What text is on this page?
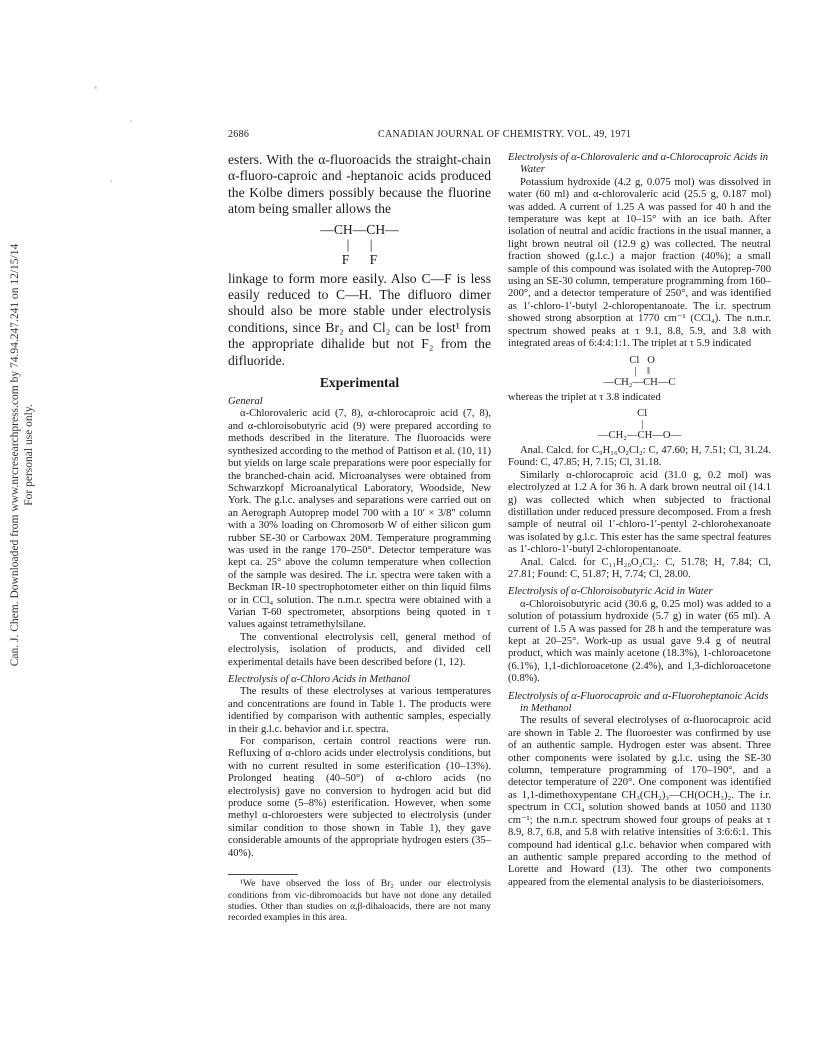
Can. J. Chem. Downloaded from www.nrcresearchpress.com by 74.94.247.241 on 12/15/14 For personal use only.
2686	CANADIAN JOURNAL OF CHEMISTRY. VOL. 49, 1971

esters. With the α-fluoroacids the straight-chain α-fluoro-caproic and -heptanoic acids produced the Kolbe dimers possibly because the fluorine atom being smaller allows the

—CH—CH—
|      |
F      F

linkage to form more easily. Also C—F is less easily reduced to C—H. The difluoro dimer should also be more stable under electrolysis conditions, since Br₂ and Cl₂ can be lost¹ from the appropriate dihalide but not F₂ from the difluoride.

Experimental
General

α-Chlorovaleric acid (7, 8), α-chlorocaproic acid (7, 8), and α-chloroisobutyric acid (9) were prepared according to methods described in the literature. The fluoroacids were synthesized according to the method of Pattison et al. (10, 11) but yields on large scale preparations were poor especially for the branched-chain acid. Microanalyses were obtained from Schwarzkopf Microanalytical Laboratory, Woodside, New York. The g.l.c. analyses and separations were carried out on an Aerograph Autoprep model 700 with a 10′ × 3/8″ column with a 30% loading on Chromosorb W of either silicon gum rubber SE-30 or Carbowax 20M. Temperature programming was used in the range 170–250°. Detector temperature was kept ca. 25° above the column temperature when collection of the sample was desired. The i.r. spectra were taken with a Beckman IR-10 spectrophotometer either on thin liquid films or in CCl₄ solution. The n.m.r. spectra were obtained with a Varian T-60 spectrometer, absorptions being quoted in τ values against tetramethylsilane.

The conventional electrolysis cell, general method of electrolysis, isolation of products, and divided cell experimental details have been described before (1, 12).

Electrolysis of α-Chloro Acids in Methanol

The results of these electrolyses at various temperatures and concentrations are found in Table 1. The products were identified by comparison with authentic samples, especially in their g.l.c. behavior and i.r. spectra.

For comparison, certain control reactions were run. Refluxing of α-chloro acids under electrolysis conditions, but with no current resulted in some esterification (10–13%). Prolonged heating (40–50°) of α-chloro acids (no electrolysis) gave no conversion to hydrogen acid but did produce some (5–8%) esterification. However, when some methyl α-chloroesters were subjected to electrolysis (under similar condition to those shown in Table 1), they gave considerable amounts of the appropriate hydrogen esters (35–40%).

¹We have observed the loss of Br₂ under our electrolysis conditions from vic-dibromoacids but have not done any detailed studies. Other than studies on α,β-dihaloacids, there are not many recorded examples in this area.

Electrolysis of α-Chlorovaleric and α-Chlorocaproic Acids in Water

Potassium hydroxide (4.2 g, 0.075 mol) was dissolved in water (60 ml) and α-chlorovaleric acid (25.5 g, 0.187 mol) was added. A current of 1.25 A was passed for 40 h and the temperature was kept at 10–15° with an ice bath. After isolation of neutral and acidic fractions in the usual manner, a light brown neutral oil (12.9 g) was collected. The neutral fraction showed (g.l.c.) a major fraction (40%); a small sample of this compound was isolated with the Autoprep-700 using an SE-30 column, temperature programming from 160–200°, and a detector temperature of 250°, and was identified as 1′-chloro-1′-butyl 2-chloropentanoate. The i.r. spectrum showed strong absorption at 1770 cm⁻¹ (CCl₄). The n.m.r. spectrum showed peaks at τ 9.1, 8.8, 5.9, and 3.8 with integrated areas of 6:4:4:1:1. The triplet at τ 5.9 indicated

Cl   O
|    ‖
—CH₂—CH—C

whereas the triplet at τ 3.8 indicated

Cl
|
—CH₂—CH—O—

Anal. Calcd. for C₉H₁₆O₂Cl₂: C, 47.60; H, 7.51; Cl, 31.24. Found: C, 47.85; H, 7.15; Cl, 31.18.

Similarly α-chlorocaproic acid (31.0 g, 0.2 mol) was electrolyzed at 1.2 A for 36 h. A dark brown neutral oil (14.1 g) was collected which when subjected to fractional distillation under reduced pressure decomposed. From a fresh sample of neutral oil 1′-chloro-1′-pentyl 2-chlorohexanoate was isolated by g.l.c. This ester has the same spectral features as 1′-chloro-1′-butyl 2-chloropentanoate.

Anal. Calcd. for C₁₁H₂₀O₂Cl₂: C, 51.78; H, 7.84; Cl, 27.81; Found: C, 51.87; H, 7.74; Cl, 28.00.

Electrolysis of α-Chloroisobutyric Acid in Water

α-Chloroisobutyric acid (30.6 g, 0.25 mol) was added to a solution of potassium hydroxide (5.7 g) in water (65 ml). A current of 1.5 A was passed for 28 h and the temperature was kept at 20–25°. Work-up as usual gave 9.4 g of neutral product, which was mainly acetone (18.3%), 1-chloroacetone (6.1%), 1,1-dichloroacetone (2.4%), and 1,3-dichloroacetone (0.8%).

Electrolysis of α-Fluorocaproic and α-Fluoroheptanoic Acids in Methanol

The results of several electrolyses of α-fluorocaproic acid are shown in Table 2. The fluoroester was confirmed by use of an authentic sample. Hydrogen ester was absent. Three other components were isolated by g.l.c. using the SE-30 column, temperature programming of 170–190°, and a detector temperature of 220°. One component was identified as 1,1-dimethoxypentane CH₃(CH₂)₃—CH(OCH₃)₂. The i.r. spectrum in CCl₄ solution showed bands at 1050 and 1130 cm⁻¹; the n.m.r. spectrum showed four groups of peaks at τ 8.9, 8.7, 6.8, and 5.8 with relative intensities of 3:6:6:1. This compound had identical g.l.c. behavior when compared with an authentic sample prepared according to the method of Lorette and Howard (13). The other two components appeared from the elemental analysis to be diasterioisomers.
